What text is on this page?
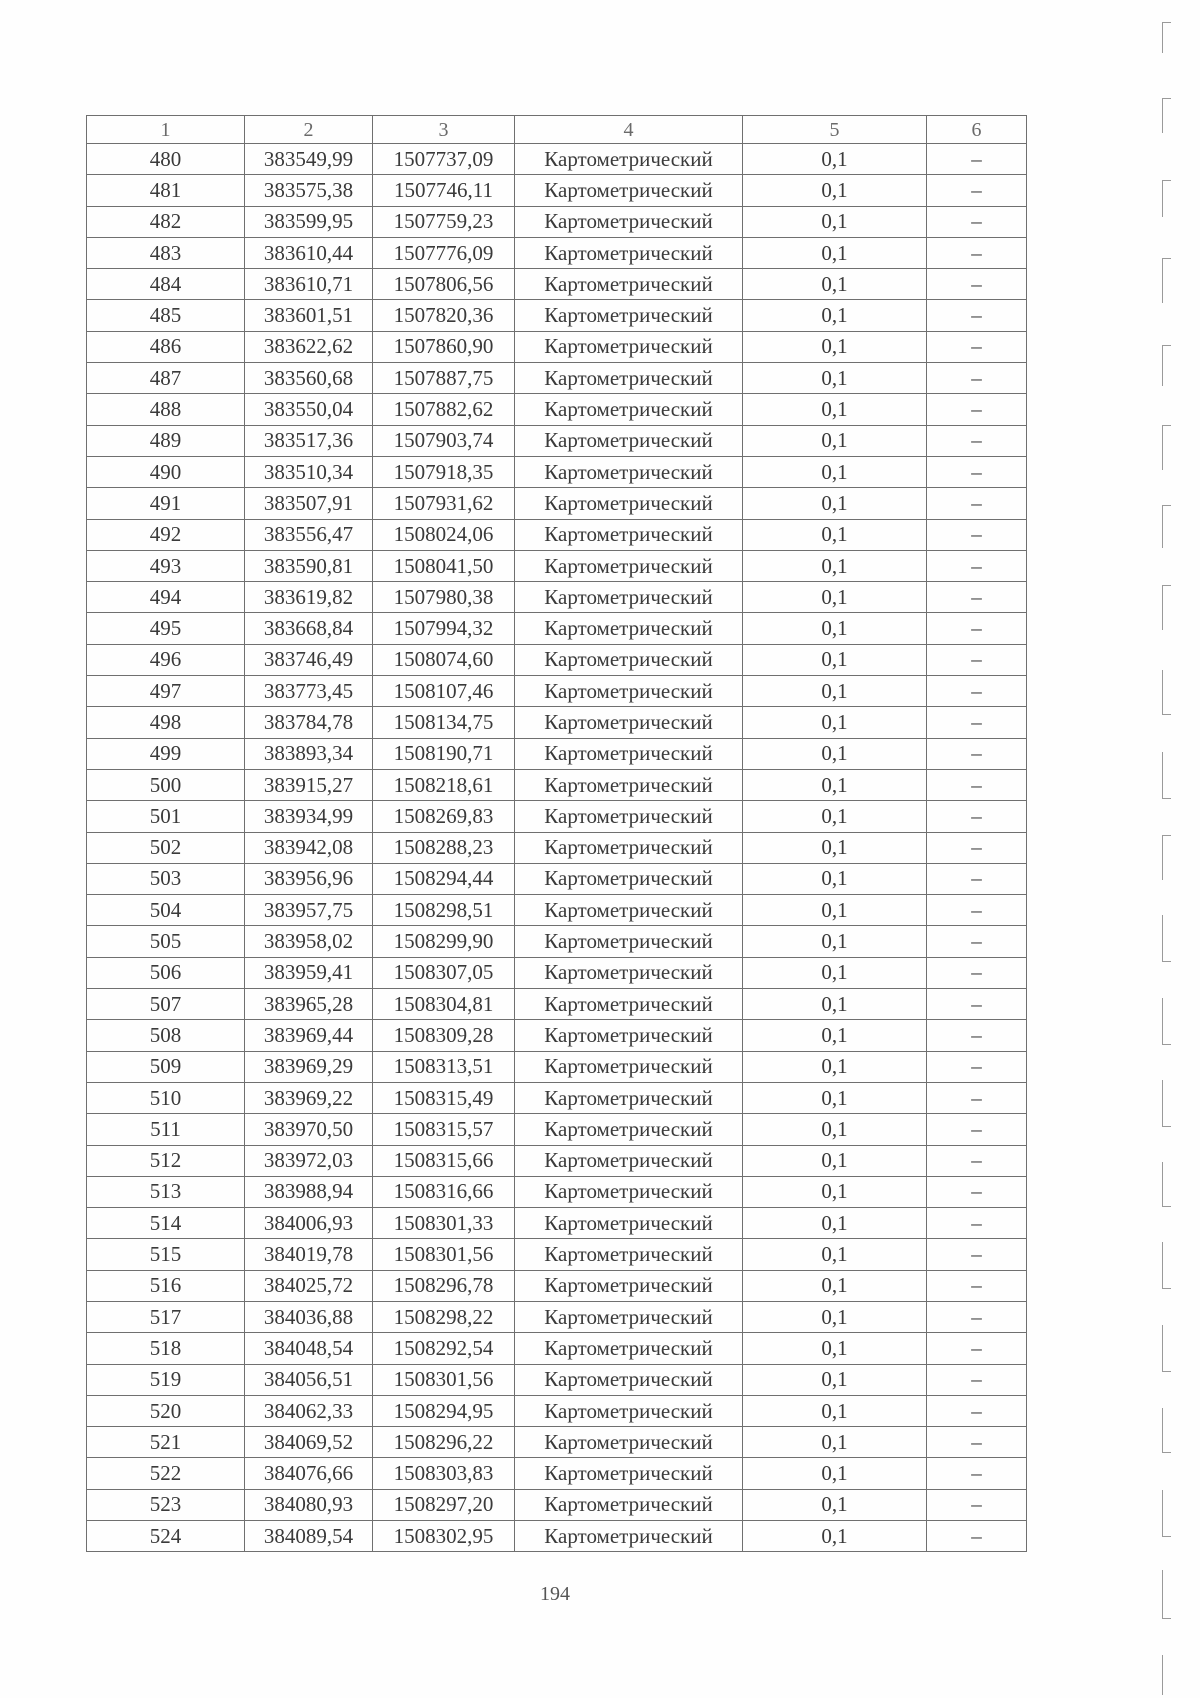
1	2	3	4	5	6
480	383549,99	1507737,09	Картометрический	0,1	–
481	383575,38	1507746,11	Картометрический	0,1	–
482	383599,95	1507759,23	Картометрический	0,1	–
483	383610,44	1507776,09	Картометрический	0,1	–
484	383610,71	1507806,56	Картометрический	0,1	–
485	383601,51	1507820,36	Картометрический	0,1	–
486	383622,62	1507860,90	Картометрический	0,1	–
487	383560,68	1507887,75	Картометрический	0,1	–
488	383550,04	1507882,62	Картометрический	0,1	–
489	383517,36	1507903,74	Картометрический	0,1	–
490	383510,34	1507918,35	Картометрический	0,1	–
491	383507,91	1507931,62	Картометрический	0,1	–
492	383556,47	1508024,06	Картометрический	0,1	–
493	383590,81	1508041,50	Картометрический	0,1	–
494	383619,82	1507980,38	Картометрический	0,1	–
495	383668,84	1507994,32	Картометрический	0,1	–
496	383746,49	1508074,60	Картометрический	0,1	–
497	383773,45	1508107,46	Картометрический	0,1	–
498	383784,78	1508134,75	Картометрический	0,1	–
499	383893,34	1508190,71	Картометрический	0,1	–
500	383915,27	1508218,61	Картометрический	0,1	–
501	383934,99	1508269,83	Картометрический	0,1	–
502	383942,08	1508288,23	Картометрический	0,1	–
503	383956,96	1508294,44	Картометрический	0,1	–
504	383957,75	1508298,51	Картометрический	0,1	–
505	383958,02	1508299,90	Картометрический	0,1	–
506	383959,41	1508307,05	Картометрический	0,1	–
507	383965,28	1508304,81	Картометрический	0,1	–
508	383969,44	1508309,28	Картометрический	0,1	–
509	383969,29	1508313,51	Картометрический	0,1	–
510	383969,22	1508315,49	Картометрический	0,1	–
511	383970,50	1508315,57	Картометрический	0,1	–
512	383972,03	1508315,66	Картометрический	0,1	–
513	383988,94	1508316,66	Картометрический	0,1	–
514	384006,93	1508301,33	Картометрический	0,1	–
515	384019,78	1508301,56	Картометрический	0,1	–
516	384025,72	1508296,78	Картометрический	0,1	–
517	384036,88	1508298,22	Картометрический	0,1	–
518	384048,54	1508292,54	Картометрический	0,1	–
519	384056,51	1508301,56	Картометрический	0,1	–
520	384062,33	1508294,95	Картометрический	0,1	–
521	384069,52	1508296,22	Картометрический	0,1	–
522	384076,66	1508303,83	Картометрический	0,1	–
523	384080,93	1508297,20	Картометрический	0,1	–
524	384089,54	1508302,95	Картометрический	0,1	–
194
